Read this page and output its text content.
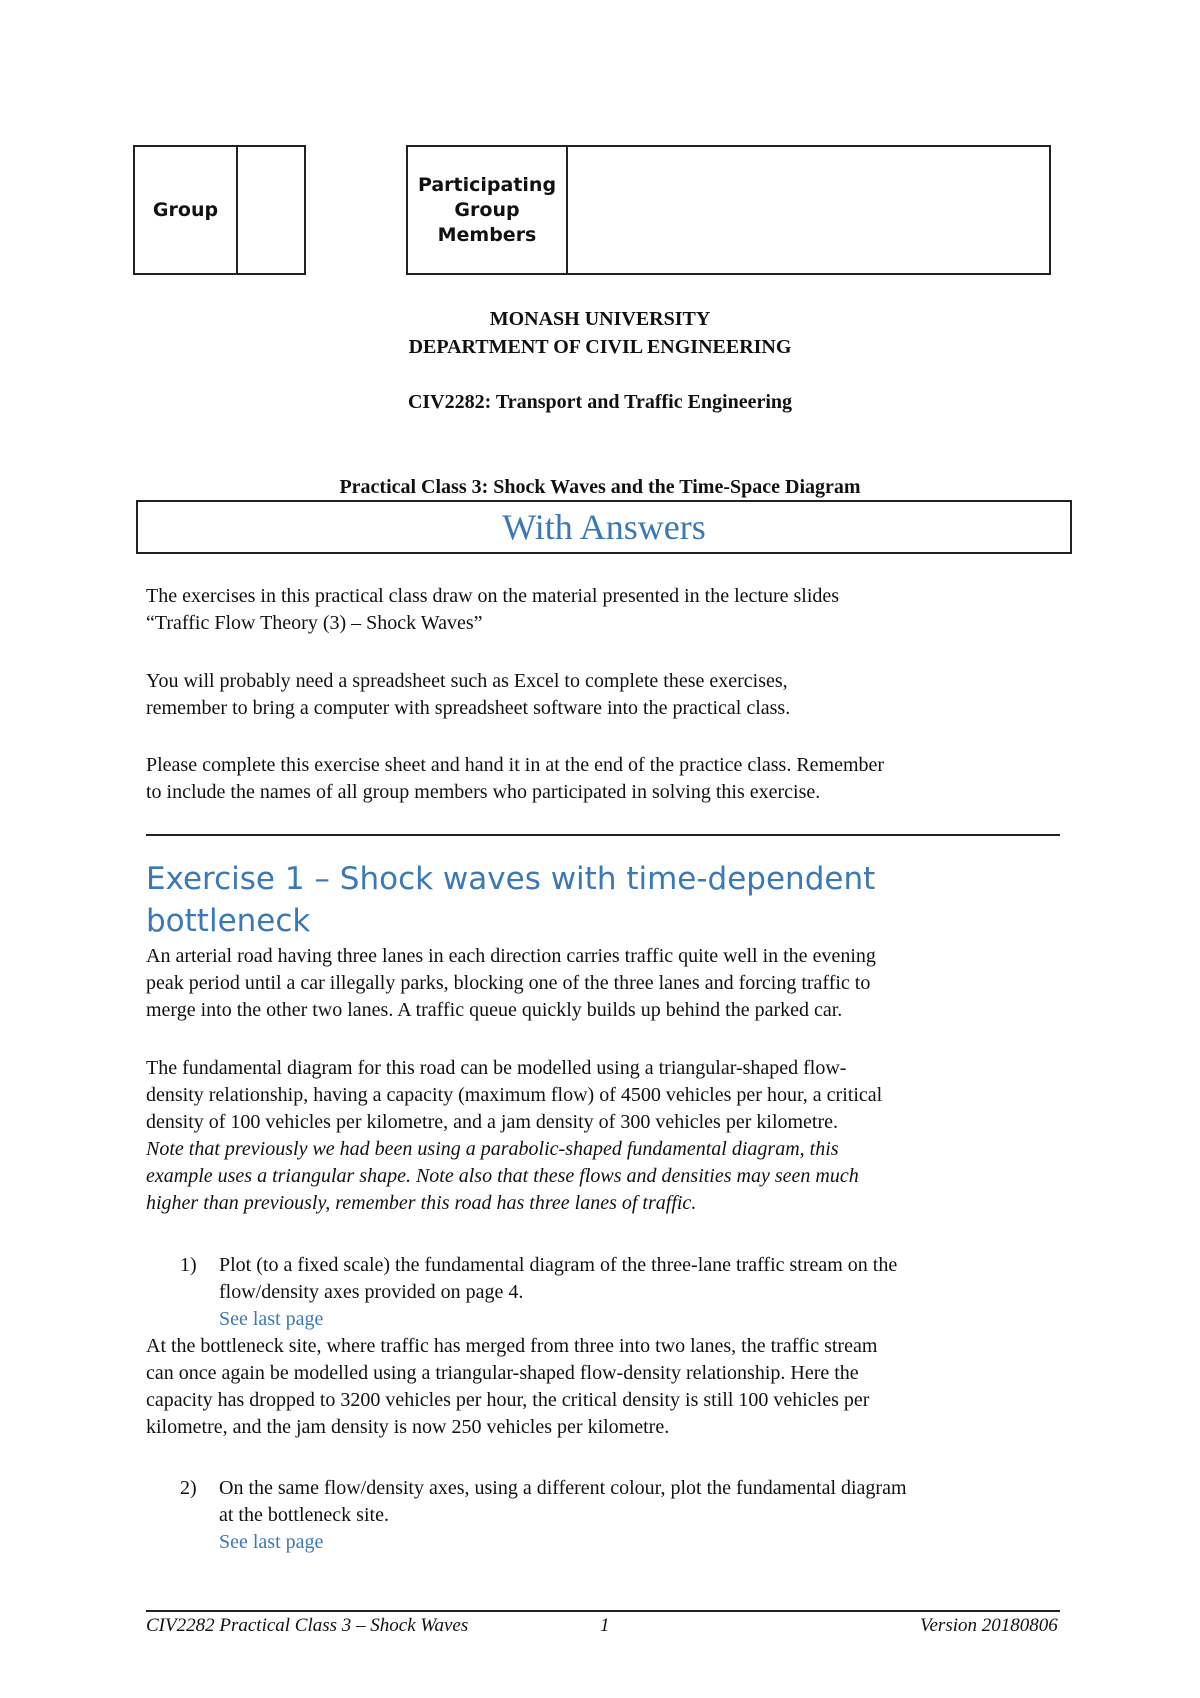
Group
Participating
Group
Members
MONASH UNIVERSITY
DEPARTMENT OF CIVIL ENGINEERING
CIV2282: Transport and Traffic Engineering
Practical Class 3: Shock Waves and the Time-Space Diagram
With Answers

The exercises in this practical class draw on the material presented in the lecture slides

“Traffic Flow Theory (3) – Shock Waves”

You will probably need a spreadsheet such as Excel to complete these exercises,

remember to bring a computer with spreadsheet software into the practical class.

Please complete this exercise sheet and hand it in at the end of the practice class. Remember

to include the names of all group members who participated in solving this exercise.

Exercise 1 – Shock waves with time-dependent
bottleneck

An arterial road having three lanes in each direction carries traffic quite well in the evening

peak period until a car illegally parks, blocking one of the three lanes and forcing traffic to

merge into the other two lanes. A traffic queue quickly builds up behind the parked car.

The fundamental diagram for this road can be modelled using a triangular-shaped flow-

density relationship, having a capacity (maximum flow) of 4500 vehicles per hour, a critical

density of 100 vehicles per kilometre, and a jam density of 300 vehicles per kilometre.

Note that previously we had been using a parabolic-shaped fundamental diagram, this

example uses a triangular shape. Note also that these flows and densities may seen much

higher than previously, remember this road has three lanes of traffic.

1) Plot (to a fixed scale) the fundamental diagram of the three-lane traffic stream on the
flow/density axes provided on page 4.
See last page

At the bottleneck site, where traffic has merged from three into two lanes, the traffic stream

can once again be modelled using a triangular-shaped flow-density relationship. Here the

capacity has dropped to 3200 vehicles per hour, the critical density is still 100 vehicles per

kilometre, and the jam density is now 250 vehicles per kilometre.

2) On the same flow/density axes, using a different colour, plot the fundamental diagram
at the bottleneck site.
See last page
CIV2282 Practical Class 3 – Shock Waves	1	Version 20180806
